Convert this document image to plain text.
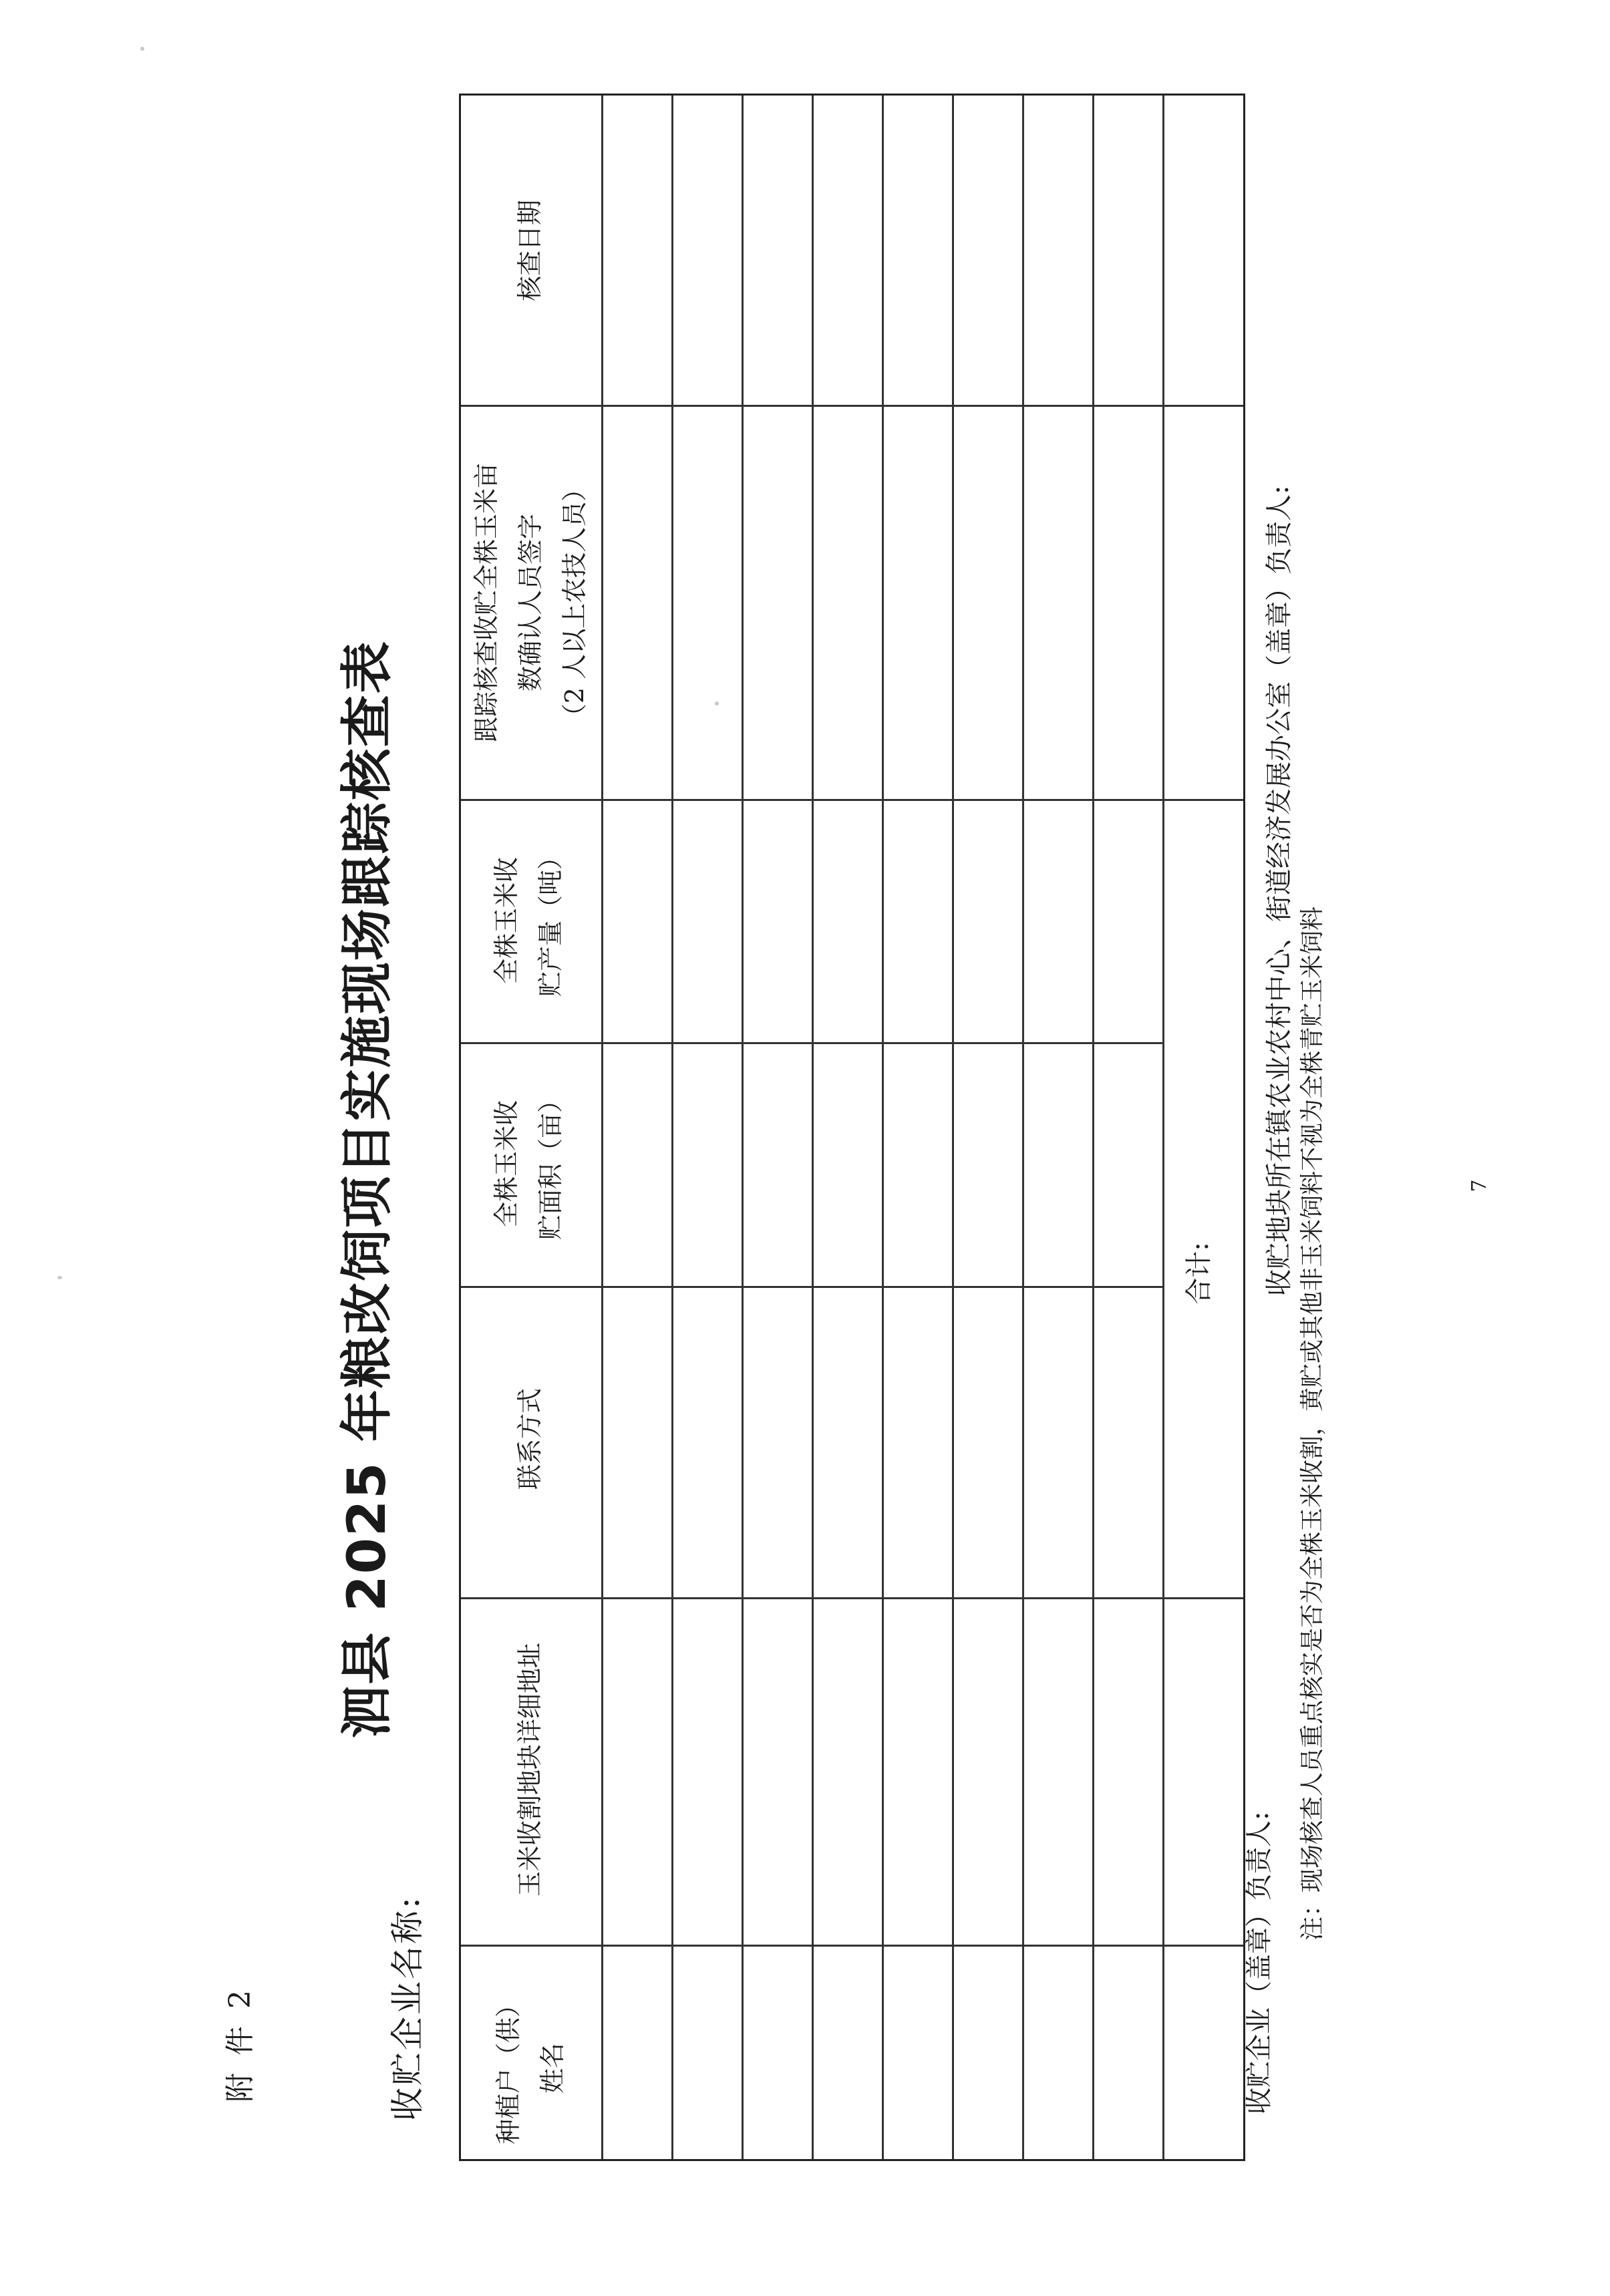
附 件 2
泗县 2025 年粮改饲项目实施现场跟踪核查表
收贮企业名称:	种植户（供） 姓名
玉米收割地块详细地址
联系方式
全株玉米收 贮面积（亩）
全株玉米收 贮产量（吨）
跟踪核查收贮全株玉米亩 数确认人员签字 （2 人以上农技人员）
核查日期
合计:
收贮企业（盖章）负责人:
收贮地块所在镇农业农村中心、街道经济发展办公室（盖章）负责人:
注：现场核查人员重点核实是否为全株玉米收割，黄贮或其他非玉米饲料不视为全株青贮玉米饲料	7
